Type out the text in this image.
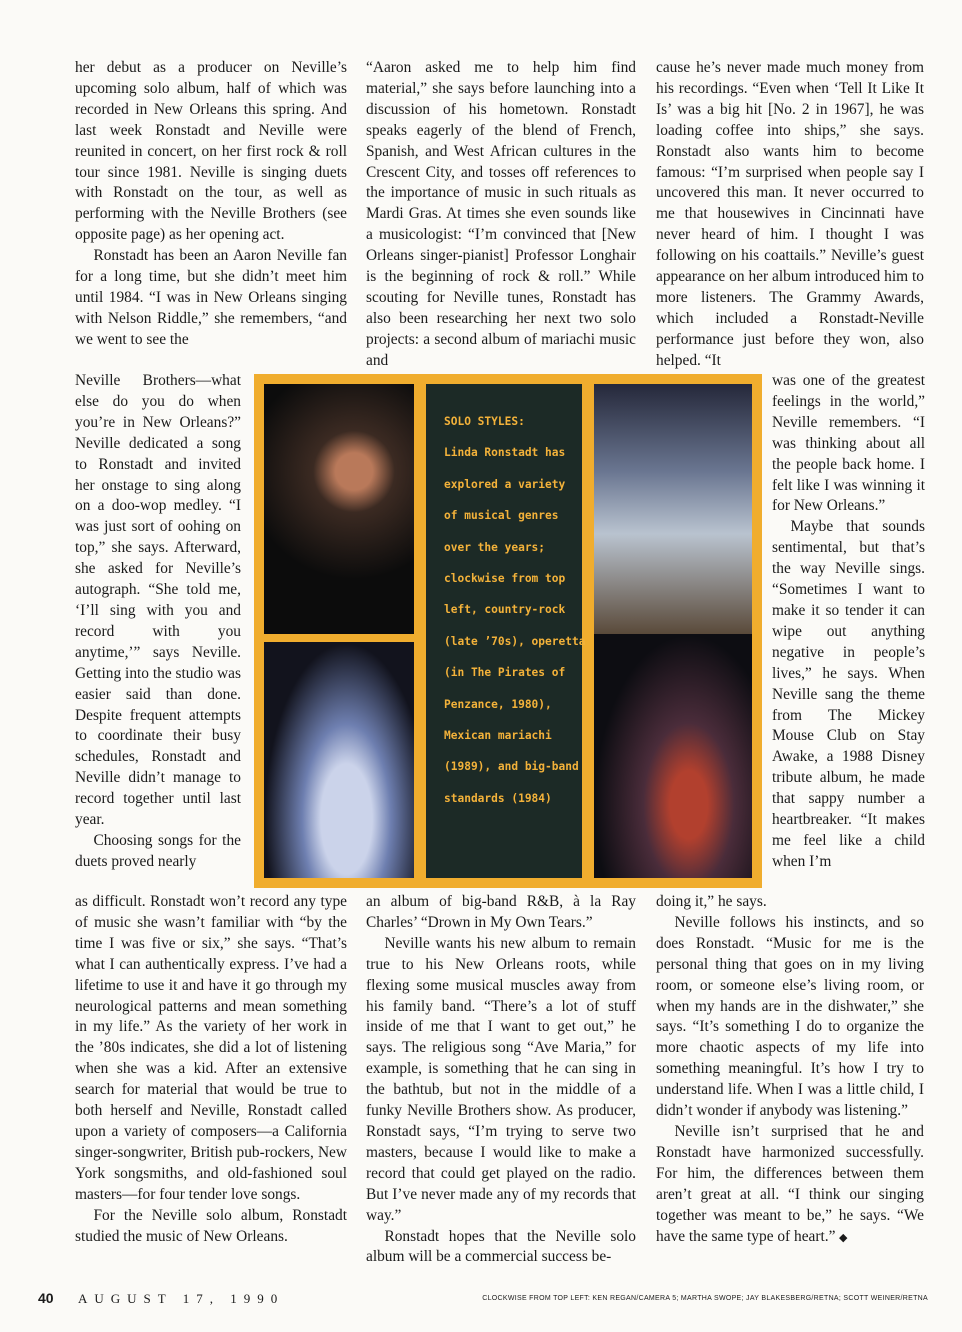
her debut as a producer on Neville’s upcoming solo album, half of which was recorded in New Orleans this spring. And last week Ronstadt and Neville were reunited in concert, on her first rock & roll tour since 1981. Neville is singing duets with Ronstadt on the tour, as well as performing with the Neville Brothers (see opposite page) as her opening act.

Ronstadt has been an Aaron Neville fan for a long time, but she didn’t meet him until 1984. “I was in New Orleans singing with Nelson Riddle,” she remembers, “and we went to see the

Neville Brothers—what else do you do when you’re in New Orleans?” Neville dedicated a song to Ronstadt and invited her onstage to sing along on a doo-wop medley. “I was just sort of oohing on top,” she says. Afterward, she asked for Neville’s autograph. “She told me, ‘I’ll sing with you and record with you anytime,’” says Neville. Getting into the studio was easier said than done. Despite frequent attempts to coordinate their busy schedules, Ronstadt and Neville didn’t manage to record together until last year.

Choosing songs for the duets proved nearly

as difficult. Ronstadt won’t record any type of music she wasn’t familiar with “by the time I was five or six,” she says. “That’s what I can authentically express. I’ve had a lifetime to use it and have it go through my neurological patterns and mean something in my life.” As the variety of her work in the ’80s indicates, she did a lot of listening when she was a kid. After an extensive search for material that would be true to both herself and Neville, Ronstadt called upon a variety of composers—a California singer-songwriter, British pub-rockers, New York songsmiths, and old-fashioned soul masters—for four tender love songs.

For the Neville solo album, Ronstadt studied the music of New Orleans.

“Aaron asked me to help him find material,” she says before launching into a discussion of his hometown. Ronstadt speaks eagerly of the blend of French, Spanish, and West African cultures in the Crescent City, and tosses off references to the importance of music in such rituals as Mardi Gras. At times she even sounds like a musicologist: “I’m convinced that [New Orleans singer-pianist] Professor Longhair is the beginning of rock & roll.” While scouting for Neville tunes, Ronstadt has also been researching her next two solo projects: a second album of mariachi music and

an album of big-band R&B, à la Ray Charles’ “Drown in My Own Tears.”

Neville wants his new album to remain true to his New Orleans roots, while flexing some musical muscles away from his family band. “There’s a lot of stuff inside of me that I want to get out,” he says. The religious song “Ave Maria,” for example, is something that he can sing in the bathtub, but not in the middle of a funky Neville Brothers show. As producer, Ronstadt says, “I’m trying to serve two masters, because I would like to make a record that could get played on the radio. But I’ve never made any of my records that way.”

Ronstadt hopes that the Neville solo album will be a commercial success be-

cause he’s never made much money from his recordings. “Even when ‘Tell It Like It Is’ was a big hit [No. 2 in 1967], he was loading coffee into ships,” she says. Ronstadt also wants him to become famous: “I’m surprised when people say I uncovered this man. It never occurred to me that housewives in Cincinnati have never heard of him. I thought I was following on his coattails.” Neville’s guest appearance on her album introduced him to more listeners. The Grammy Awards, which included a Ronstadt-Neville performance just before they won, also helped. “It

was one of the greatest feelings in the world,” Neville remembers. “I was thinking about all the people back home. I felt like I was winning it for New Orleans.”

Maybe that sounds sentimental, but that’s the way Neville sings. “Sometimes I want to make it so tender it can wipe out anything negative in people’s lives,” he says. When Neville sang the theme from The Mickey Mouse Club on Stay Awake, a 1988 Disney tribute album, he made that sappy number a heartbreaker. “It makes me feel like a child when I’m

doing it,” he says.

Neville follows his instincts, and so does Ronstadt. “Music for me is the personal thing that goes on in my living room, or someone else’s living room, or when my hands are in the dishwater,” she says. “It’s something I do to organize the more chaotic aspects of my life into something meaningful. It’s how I try to understand life. When I was a little child, I didn’t wonder if anybody was listening.”

Neville isn’t surprised that he and Ronstadt have harmonized successfully. For him, the differences between them aren’t great at all. “I think our singing together was meant to be,” he says. “We have the same type of heart.” ◆

SOLO STYLES:
Linda Ronstadt has
explored a variety
of musical genres
over the years;
clockwise from top
left, country-rock
(late ’70s), operetta
(in The Pirates of
Penzance, 1980),
Mexican mariachi
(1989), and big-band
standards (1984)
40 AUGUST 17, 1990	CLOCKWISE FROM TOP LEFT: KEN REGAN/CAMERA 5; MARTHA SWOPE; JAY BLAKESBERG/RETNA; SCOTT WEINER/RETNA
